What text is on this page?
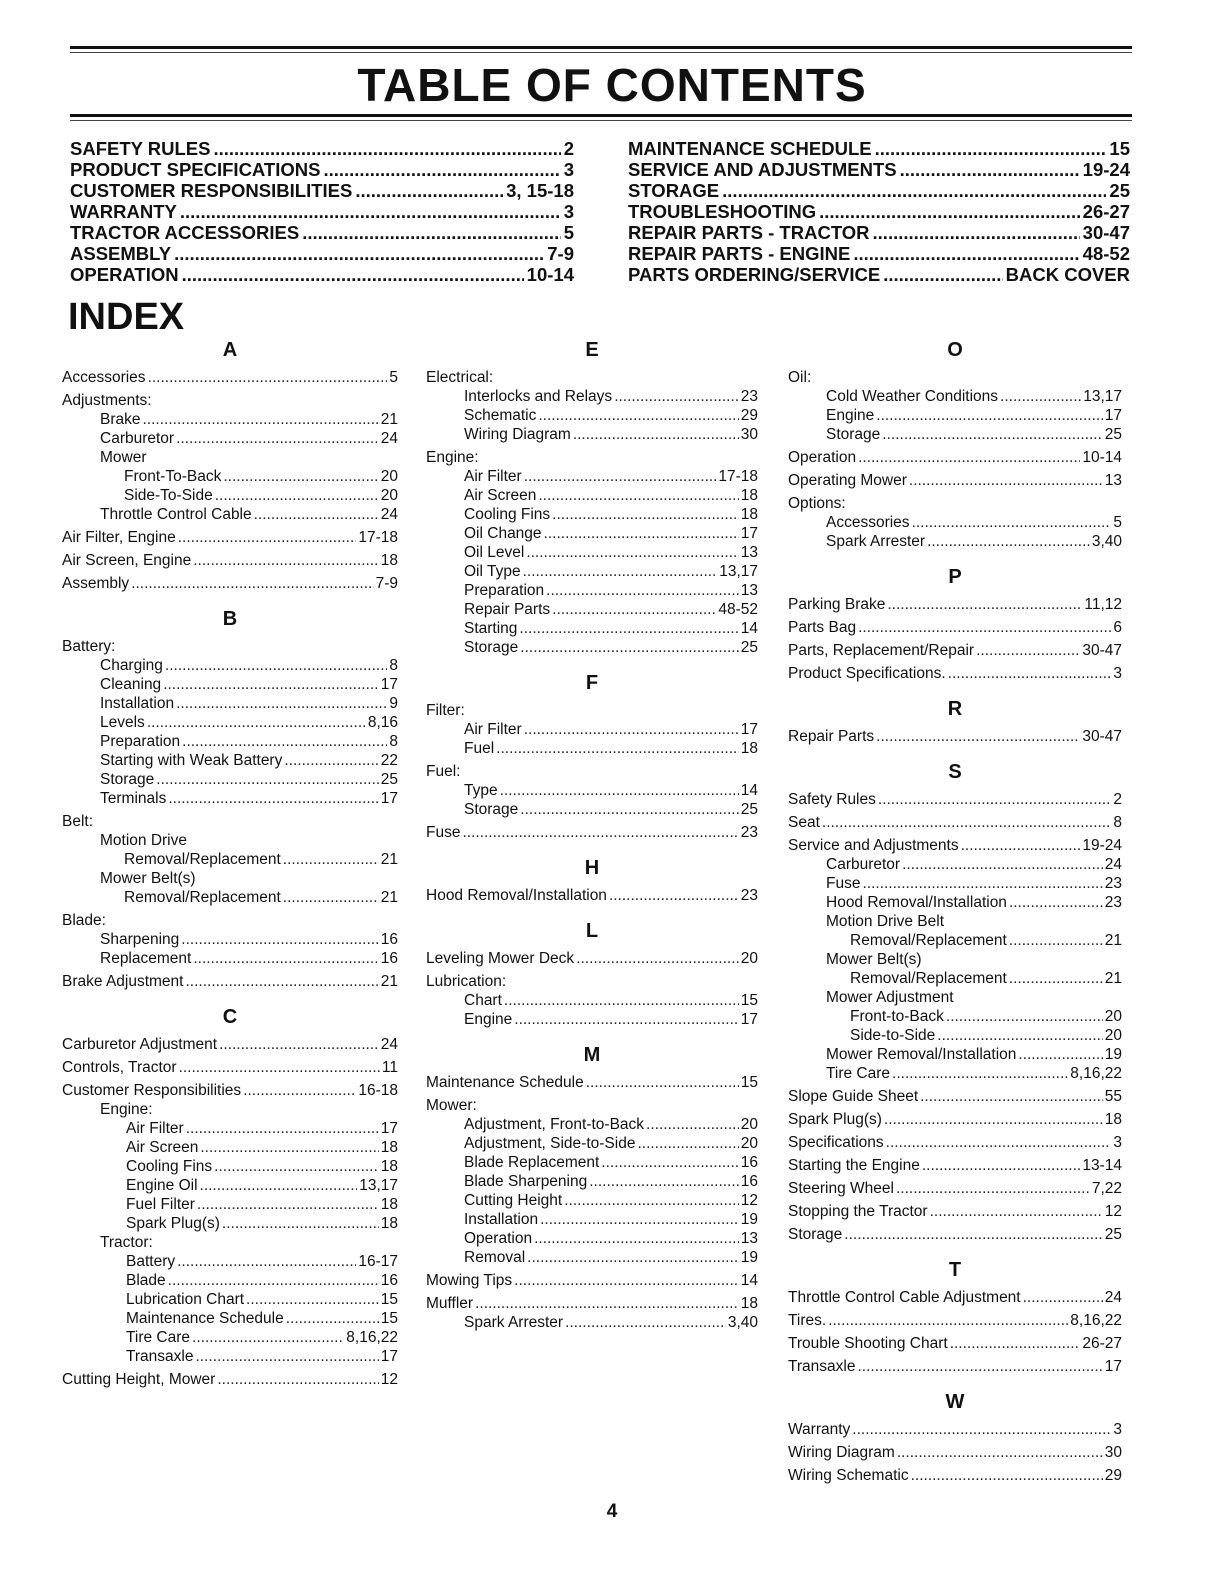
TABLE OF CONTENTS
SAFETY RULES .....	2
PRODUCT SPECIFICATIONS .....	3
CUSTOMER RESPONSIBILITIES .....	3, 15-18
WARRANTY .....	3
TRACTOR ACCESSORIES .....	5
ASSEMBLY .....	7-9
OPERATION .....	10-14
MAINTENANCE SCHEDULE .....	15
SERVICE AND ADJUSTMENTS .....	19-24
STORAGE .....	25
TROUBLESHOOTING .....	26-27
REPAIR PARTS - TRACTOR .....	30-47
REPAIR PARTS - ENGINE .....	48-52
PARTS ORDERING/SERVICE .....	BACK COVER
INDEX
A
Accessories .....	5
Adjustments:
Brake .....	21
Carburetor .....	24
Mower
Front-To-Back .....	20
Side-To-Side .....	20
Throttle Control Cable .....	24
Air Filter, Engine .....	17-18
Air Screen, Engine .....	18
Assembly .....	7-9
B
Battery:
Charging .....	8
Cleaning .....	17
Installation .....	9
Levels .....	8,16
Preparation .....	8
Starting with Weak Battery .....	22
Storage .....	25
Terminals .....	17
Belt:
Motion Drive
Removal/Replacement .....	21
Mower Belt(s)
Removal/Replacement .....	21
Blade:
Sharpening .....	16
Replacement .....	16
Brake Adjustment .....	21
C
Carburetor Adjustment .....	24
Controls, Tractor .....	11
Customer Responsibilities .....	16-18
Engine:
Air Filter .....	17
Air Screen .....	18
Cooling Fins .....	18
Engine Oil .....	13,17
Fuel Filter .....	18
Spark Plug(s) .....	18
Tractor:
Battery .....	16-17
Blade .....	16
Lubrication Chart .....	15
Maintenance Schedule .....	15
Tire Care .....	8,16,22
Transaxle .....	17
Cutting Height, Mower .....	12
E
Electrical:
Interlocks and Relays .....	23
Schematic .....	29
Wiring Diagram .....	30
Engine:
Air Filter .....	17-18
Air Screen .....	18
Cooling Fins .....	18
Oil Change .....	17
Oil Level .....	13
Oil Type .....	13,17
Preparation .....	13
Repair Parts .....	48-52
Starting .....	14
Storage .....	25
F
Filter:
Air Filter .....	17
Fuel .....	18
Fuel:
Type .....	14
Storage .....	25
Fuse .....	23
H
Hood Removal/Installation .....	23
L
Leveling Mower Deck .....	20
Lubrication:
Chart .....	15
Engine .....	17
M
Maintenance Schedule .....	15
Mower:
Adjustment, Front-to-Back .....	20
Adjustment, Side-to-Side .....	20
Blade Replacement .....	16
Blade Sharpening .....	16
Cutting Height .....	12
Installation .....	19
Operation .....	13
Removal .....	19
Mowing Tips .....	14
Muffler .....	18
Spark Arrester .....	3,40
O
Oil:
Cold Weather Conditions .....	13,17
Engine .....	17
Storage .....	25
Operation .....	10-14
Operating Mower .....	13
Options:
Accessories .....	5
Spark Arrester .....	3,40
P
Parking Brake .....	11,12
Parts Bag .....	6
Parts, Replacement/Repair .....	30-47
Product Specifications. .....	3
R
Repair Parts .....	30-47
S
Safety Rules .....	2
Seat .....	8
Service and Adjustments .....	19-24
Carburetor .....	24
Fuse .....	23
Hood Removal/Installation .....	23
Motion Drive Belt
Removal/Replacement .....	21
Mower Belt(s)
Removal/Replacement .....	21
Mower Adjustment
Front-to-Back .....	20
Side-to-Side .....	20
Mower Removal/Installation .....	19
Tire Care .....	8,16,22
Slope Guide Sheet .....	55
Spark Plug(s) .....	18
Specifications .....	3
Starting the Engine .....	13-14
Steering Wheel .....	7,22
Stopping the Tractor .....	12
Storage .....	25
T
Throttle Control Cable Adjustment .....	24
Tires. .....	8,16,22
Trouble Shooting Chart .....	26-27
Transaxle .....	17
W
Warranty .....	3
Wiring Diagram .....	30
Wiring Schematic .....	29
4
